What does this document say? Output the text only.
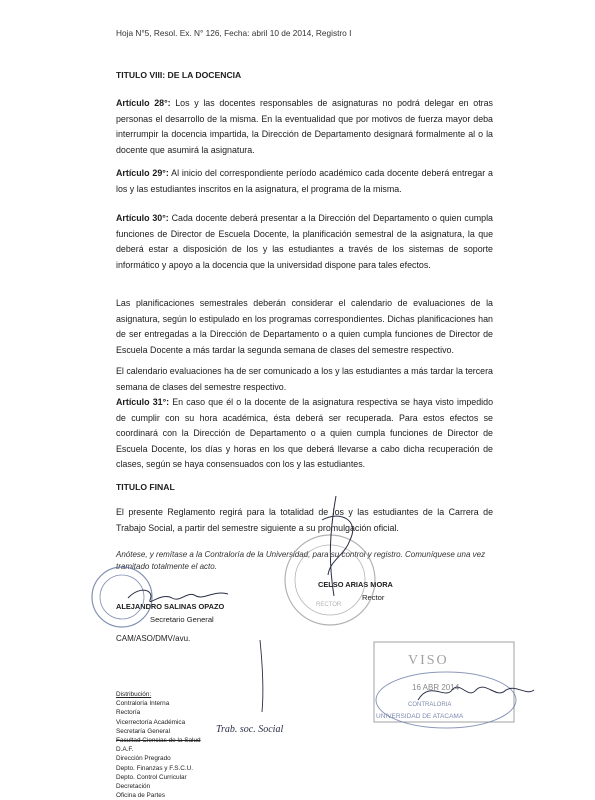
Hoja N°5, Resol. Ex. N° 126, Fecha: abril 10 de 2014, Registro I
TITULO VIII: DE LA DOCENCIA
Artículo 28°: Los y las docentes responsables de asignaturas no podrá delegar en otras personas el desarrollo de la misma. En la eventualidad que por motivos de fuerza mayor deba interrumpir la docencia impartida, la Dirección de Departamento designará formalmente al o la docente que asumirá la asignatura.
Artículo 29°: Al inicio del correspondiente período académico cada docente deberá entregar a los y las estudiantes inscritos en la asignatura, el programa de la misma.
Artículo 30°: Cada docente deberá presentar a la Dirección del Departamento o quien cumpla funciones de Director de Escuela Docente, la planificación semestral de la asignatura, la que deberá estar a disposición de los y las estudiantes a través de los sistemas de soporte informático y apoyo a la docencia que la universidad dispone para tales efectos.
Las planificaciones semestrales deberán considerar el calendario de evaluaciones de la asignatura, según lo estipulado en los programas correspondientes. Dichas planificaciones han de ser entregadas a la Dirección de Departamento o a quien cumpla funciones de Director de Escuela Docente a más tardar la segunda semana de clases del semestre respectivo.
El calendario evaluaciones ha de ser comunicado a los y las estudiantes a más tardar la tercera semana de clases del semestre respectivo.
Artículo 31°: En caso que él o la docente de la asignatura respectiva se haya visto impedido de cumplir con su hora académica, ésta deberá ser recuperada. Para estos efectos se coordinará con la Dirección de Departamento o a quien cumpla funciones de Director de Escuela Docente, los días y horas en los que deberá llevarse a cabo dicha recuperación de clases, según se haya consensuados con los y las estudiantes.
TITULO FINAL
El presente Reglamento regirá para la totalidad de los y las estudiantes de la Carrera de Trabajo Social, a partir del semestre siguiente a su promulgación oficial.
Anótese, y remítase a la Contraloría de la Universidad, para su control y registro. Comuníquese una vez tramitado totalmente el acto.
CELSO ARIAS MORA
Rector
ALEJANDRO SALINAS OPAZO
Secretario General
CAM/ASO/DMV/avu.
Distribución:
Contraloría Interna
Rectoría
Vicerrectoría Académica
Secretaría General
Facultad Ciencias de la Salud
D.A.F.
Dirección Pregrado
Depto. Finanzas y F.S.C.U.
Depto. Control Curricular
Decretación
Oficina de Partes
RECTOR
VISO
16 ABR 2014
CONTRALORIA
UNIVERSIDAD DE ATACAMA
Trab. soc. Social
